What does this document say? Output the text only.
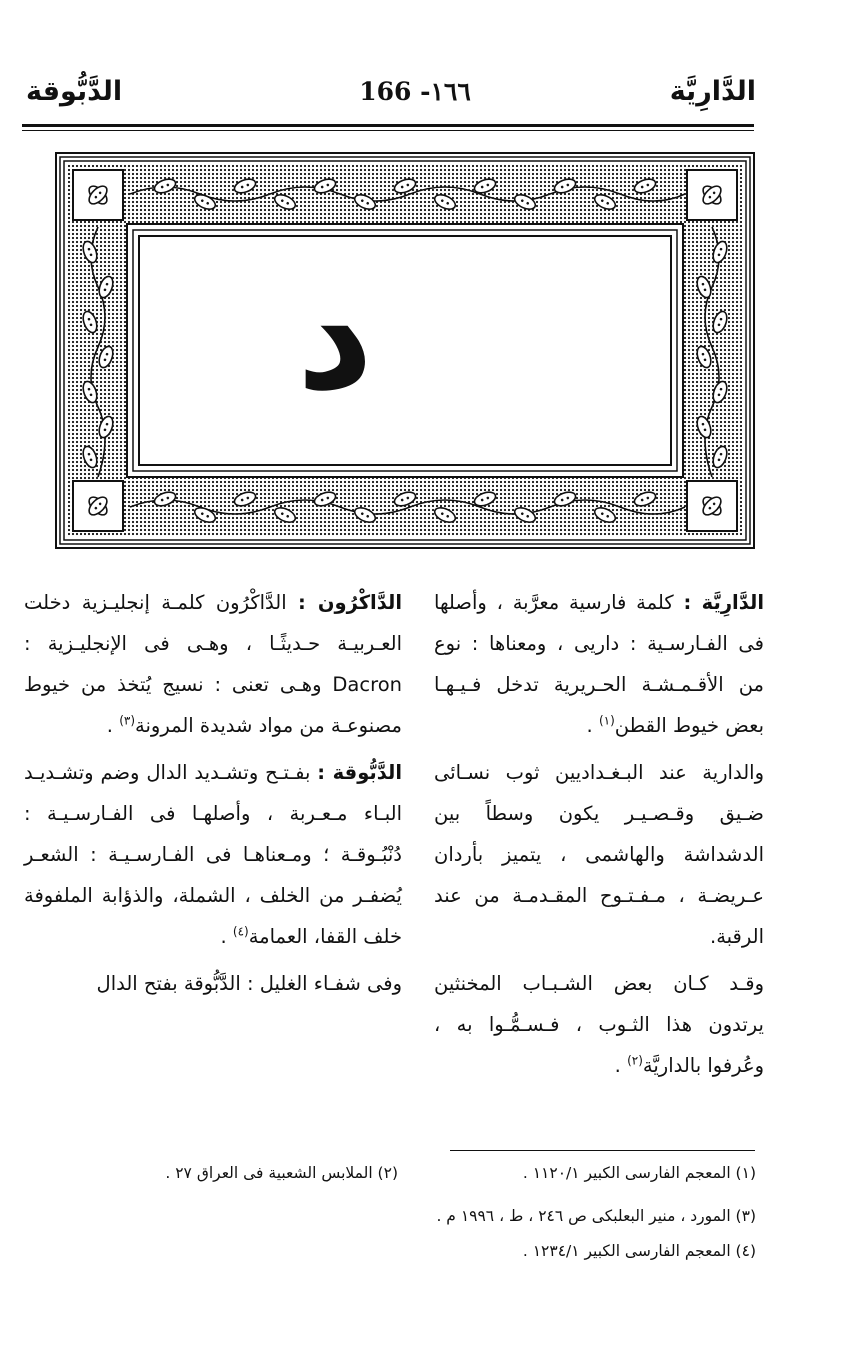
الدَّارِيَّة
١٦٦- 166
الدَّبُّوقة
د

الدَّارِيَّة : كلمة فارسية معرَّبة ، وأصلها فى الفـارسـية : داريى ، ومعناها : نوع من الأقـمـشـة الحـريرية تدخل فـيـهـا بعض خيوط القطن$^{(١)}$ .

والدارية عند البـغـداديين ثوب نسـائى ضـيق وقـصـيـر يكون وسطاً بين الدشداشة والهاشمى ، يتميز بأردان عـريضـة ، مـفـتـوح المقـدمـة من عند الرقبة.

وقـد كـان بعض الشـبـاب المخنثين يرتدون هذا الثـوب ، فـسـمُّـوا به ، وعُرفوا بالداريَّة$^{(٢)}$ .

الدَّاكْرُون : الدَّاكْرُون كلمـة إنجليـزية دخلت العـربيـة حـديثًـا ، وهـى فى الإنجليـزية : Dacron وهـى تعنى : نسيج يُتخذ من خيوط مصنوعـة من مواد شديدة المرونة$^{(٣)}$ .

الدَّبُّوقة : بفـتـح وتشـديد الدال وضم وتشـديـد البـاء مـعـربة ، وأصلهـا فى الفـارسـيـة : دُنْبُـوقـة ؛ ومـعناهـا فى الفـارسـيـة : الشعـر يُضفـر من الخلف ، الشملة، والذؤابة الملفوفة خلف القفا، العمامة$^{(٤)}$ .

وفى شفـاء الغليل : الدَّبُّوقة بفتح الدال

(١) المعجم الفارسى الكبير ١١٢٠/١ .
(٢) الملابس الشعبية فى العراق ٢٧ .
(٣) المورد ، منير البعلبكى ص ٢٤٦ ، ط ، ١٩٩٦ م .
(٤) المعجم الفارسى الكبير ١٢٣٤/١ .
